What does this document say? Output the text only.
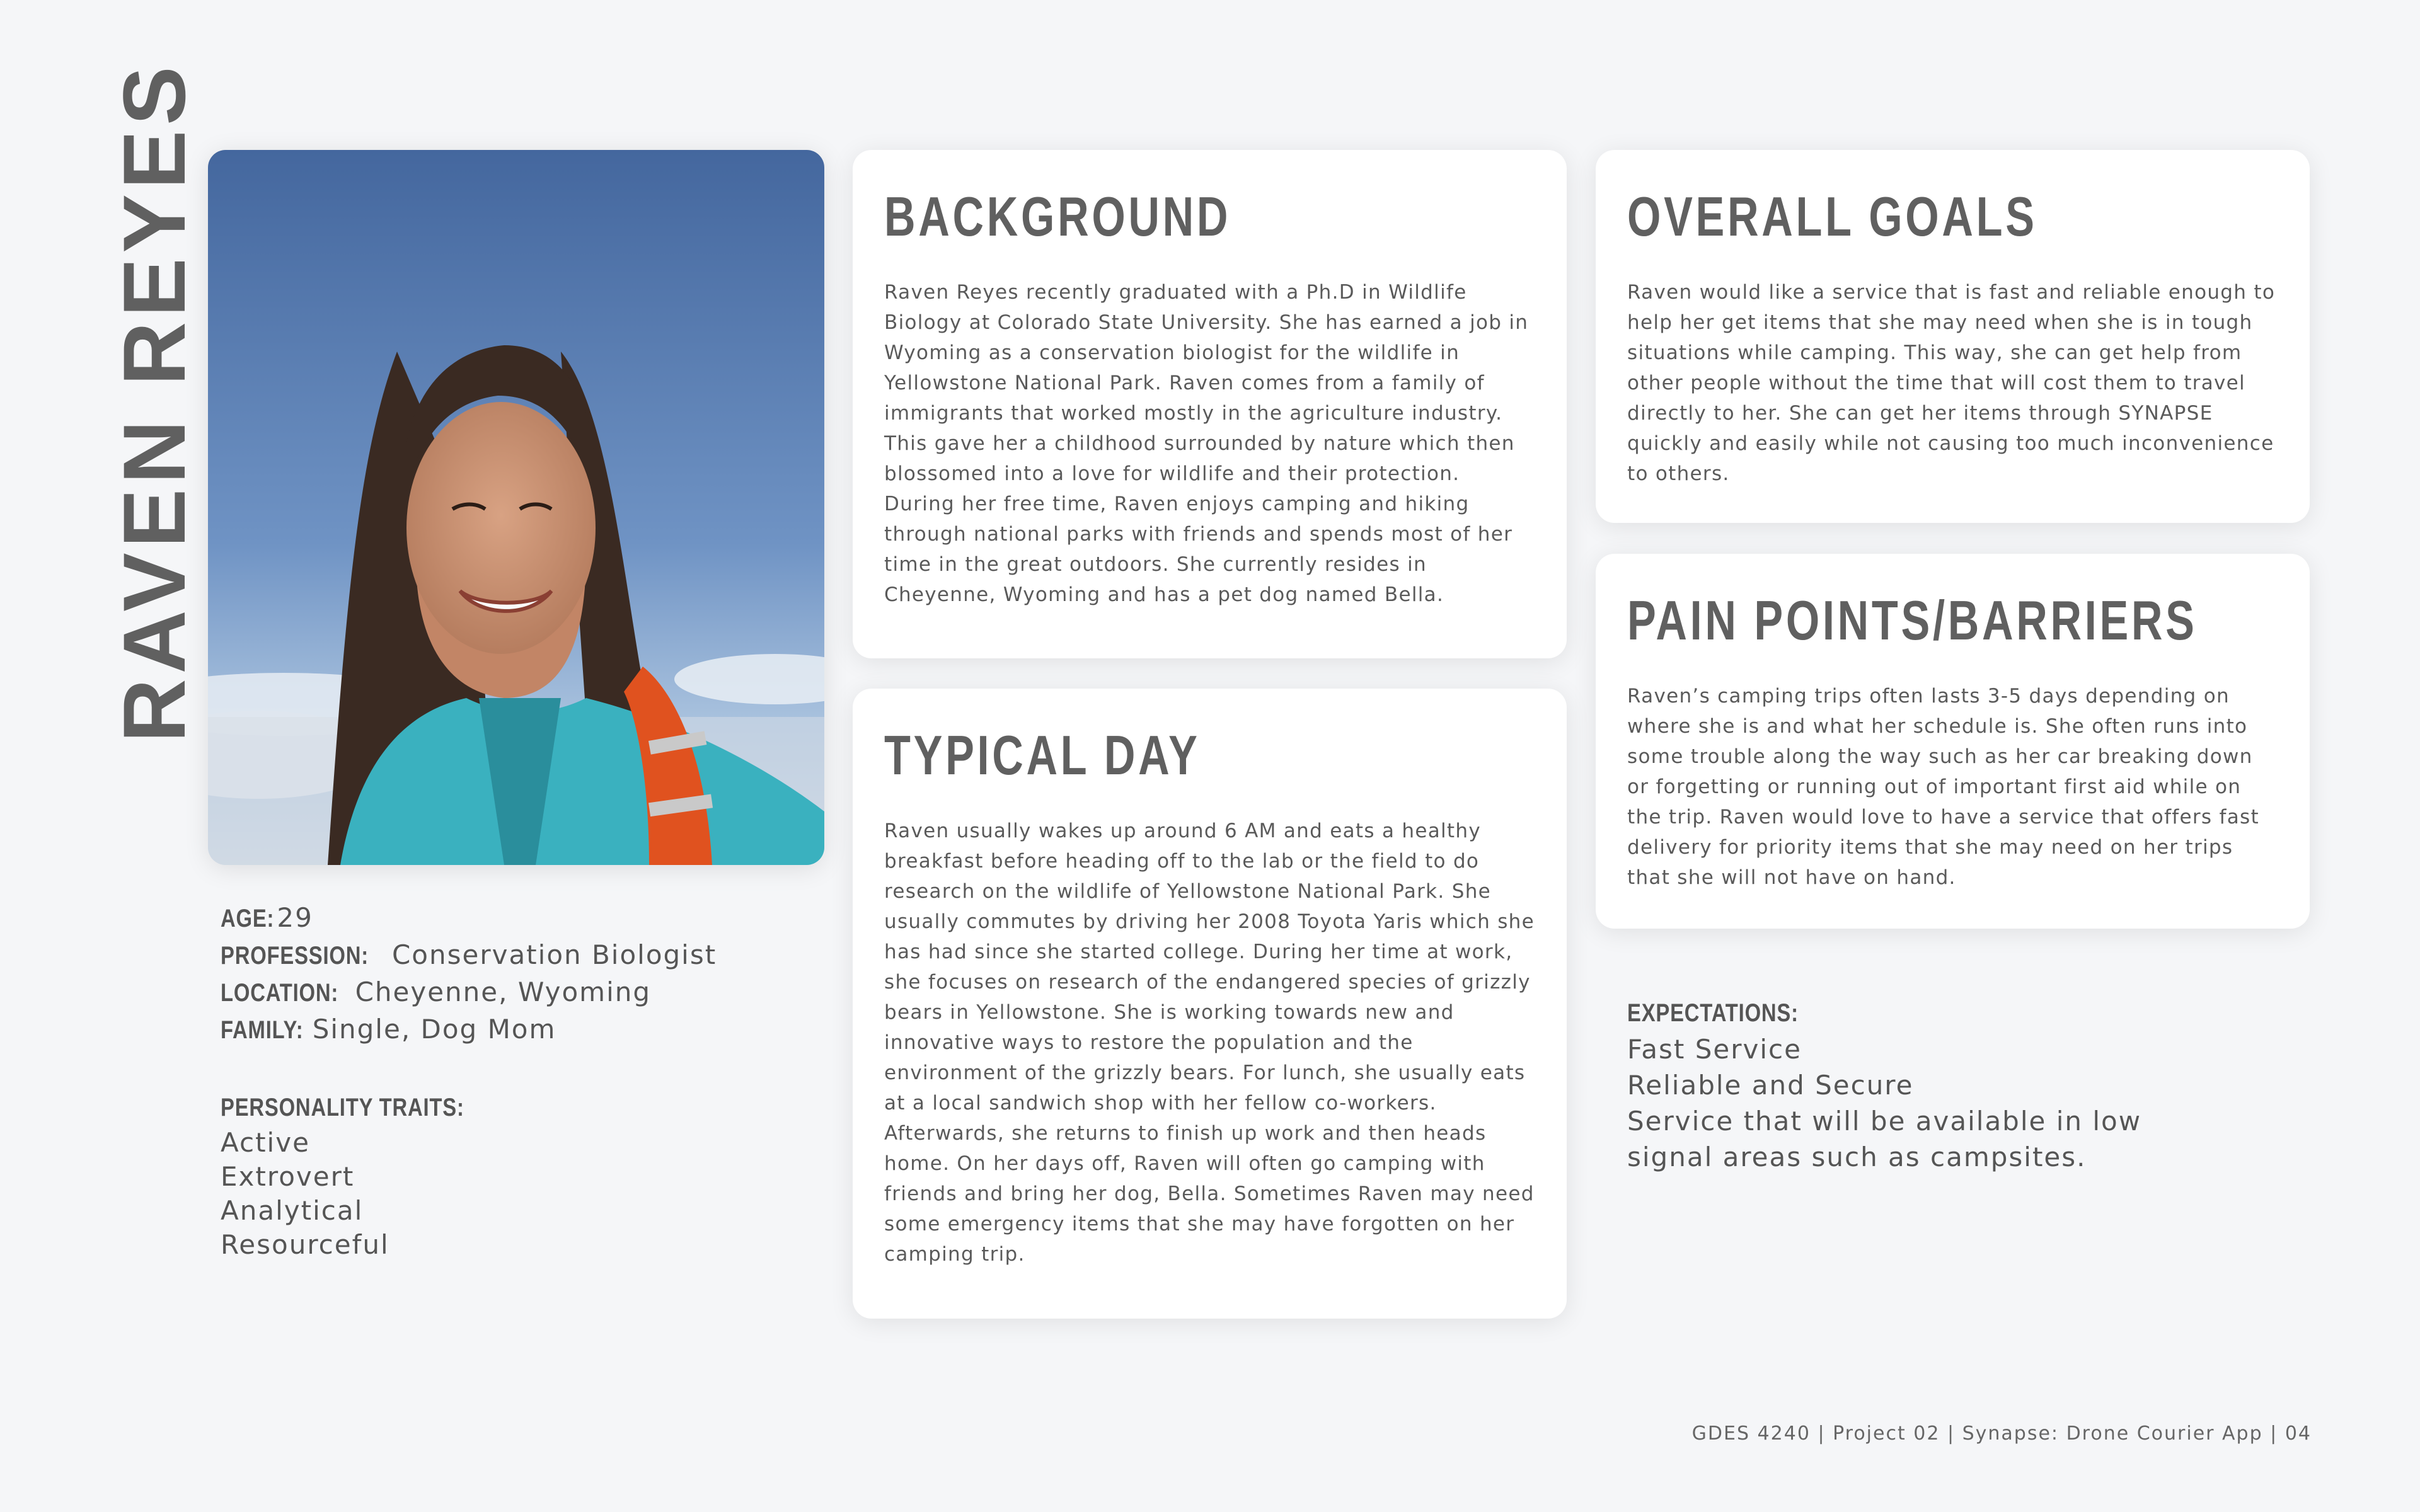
RAVEN REYES
AGE: 29
PROFESSION: Conservation Biologist
LOCATION: Cheyenne, Wyoming
FAMILY: Single, Dog Mom
PERSONALITY TRAITS:
Active
Extrovert
Analytical
Resourceful
BACKGROUND

Raven Reyes recently graduated with a Ph.D in Wildlife Biology at Colorado State University. She has earned a job in Wyoming as a conservation biologist for the wildlife in Yellowstone National Park. Raven comes from a family of immigrants that worked mostly in the agriculture industry. This gave her a childhood surrounded by nature which then blossomed into a love for wildlife and their protection. During her free time, Raven enjoys camping and hiking through national parks with friends and spends most of her time in the great outdoors. She currently resides in Cheyenne, Wyoming and has a pet dog named Bella.

TYPICAL DAY

Raven usually wakes up around 6 AM and eats a healthy breakfast before heading off to the lab or the field to do research on the wildlife of Yellowstone National Park. She usually commutes by driving her 2008 Toyota Yaris which she has had since she started college. During her time at work, she focuses on research of the endangered species of grizzly bears in Yellowstone. She is working towards new and innovative ways to restore the population and the environment of the grizzly bears. For lunch, she usually eats at a local sandwich shop with her fellow co-workers. Afterwards, she returns to finish up work and then heads home. On her days off, Raven will often go camping with friends and bring her dog, Bella. Sometimes Raven may need some emergency items that she may have forgotten on her camping trip.

OVERALL GOALS

Raven would like a service that is fast and reliable enough to help her get items that she may need when she is in tough situations while camping. This way, she can get help from other people without the time that will cost them to travel directly to her. She can get her items through SYNAPSE quickly and easily while not causing too much inconvenience to others.

PAIN POINTS/BARRIERS

Raven’s camping trips often lasts 3-5 days depending on where she is and what her schedule is. She often runs into some trouble along the way such as her car breaking down or forgetting or running out of important first aid while on the trip. Raven would love to have a service that offers fast delivery for priority items that she may need on her trips that she will not have on hand.

EXPECTATIONS:
Fast Service
Reliable and Secure
Service that will be available in low
signal areas such as campsites.
GDES 4240 | Project 02 | Synapse: Drone Courier App | 04
